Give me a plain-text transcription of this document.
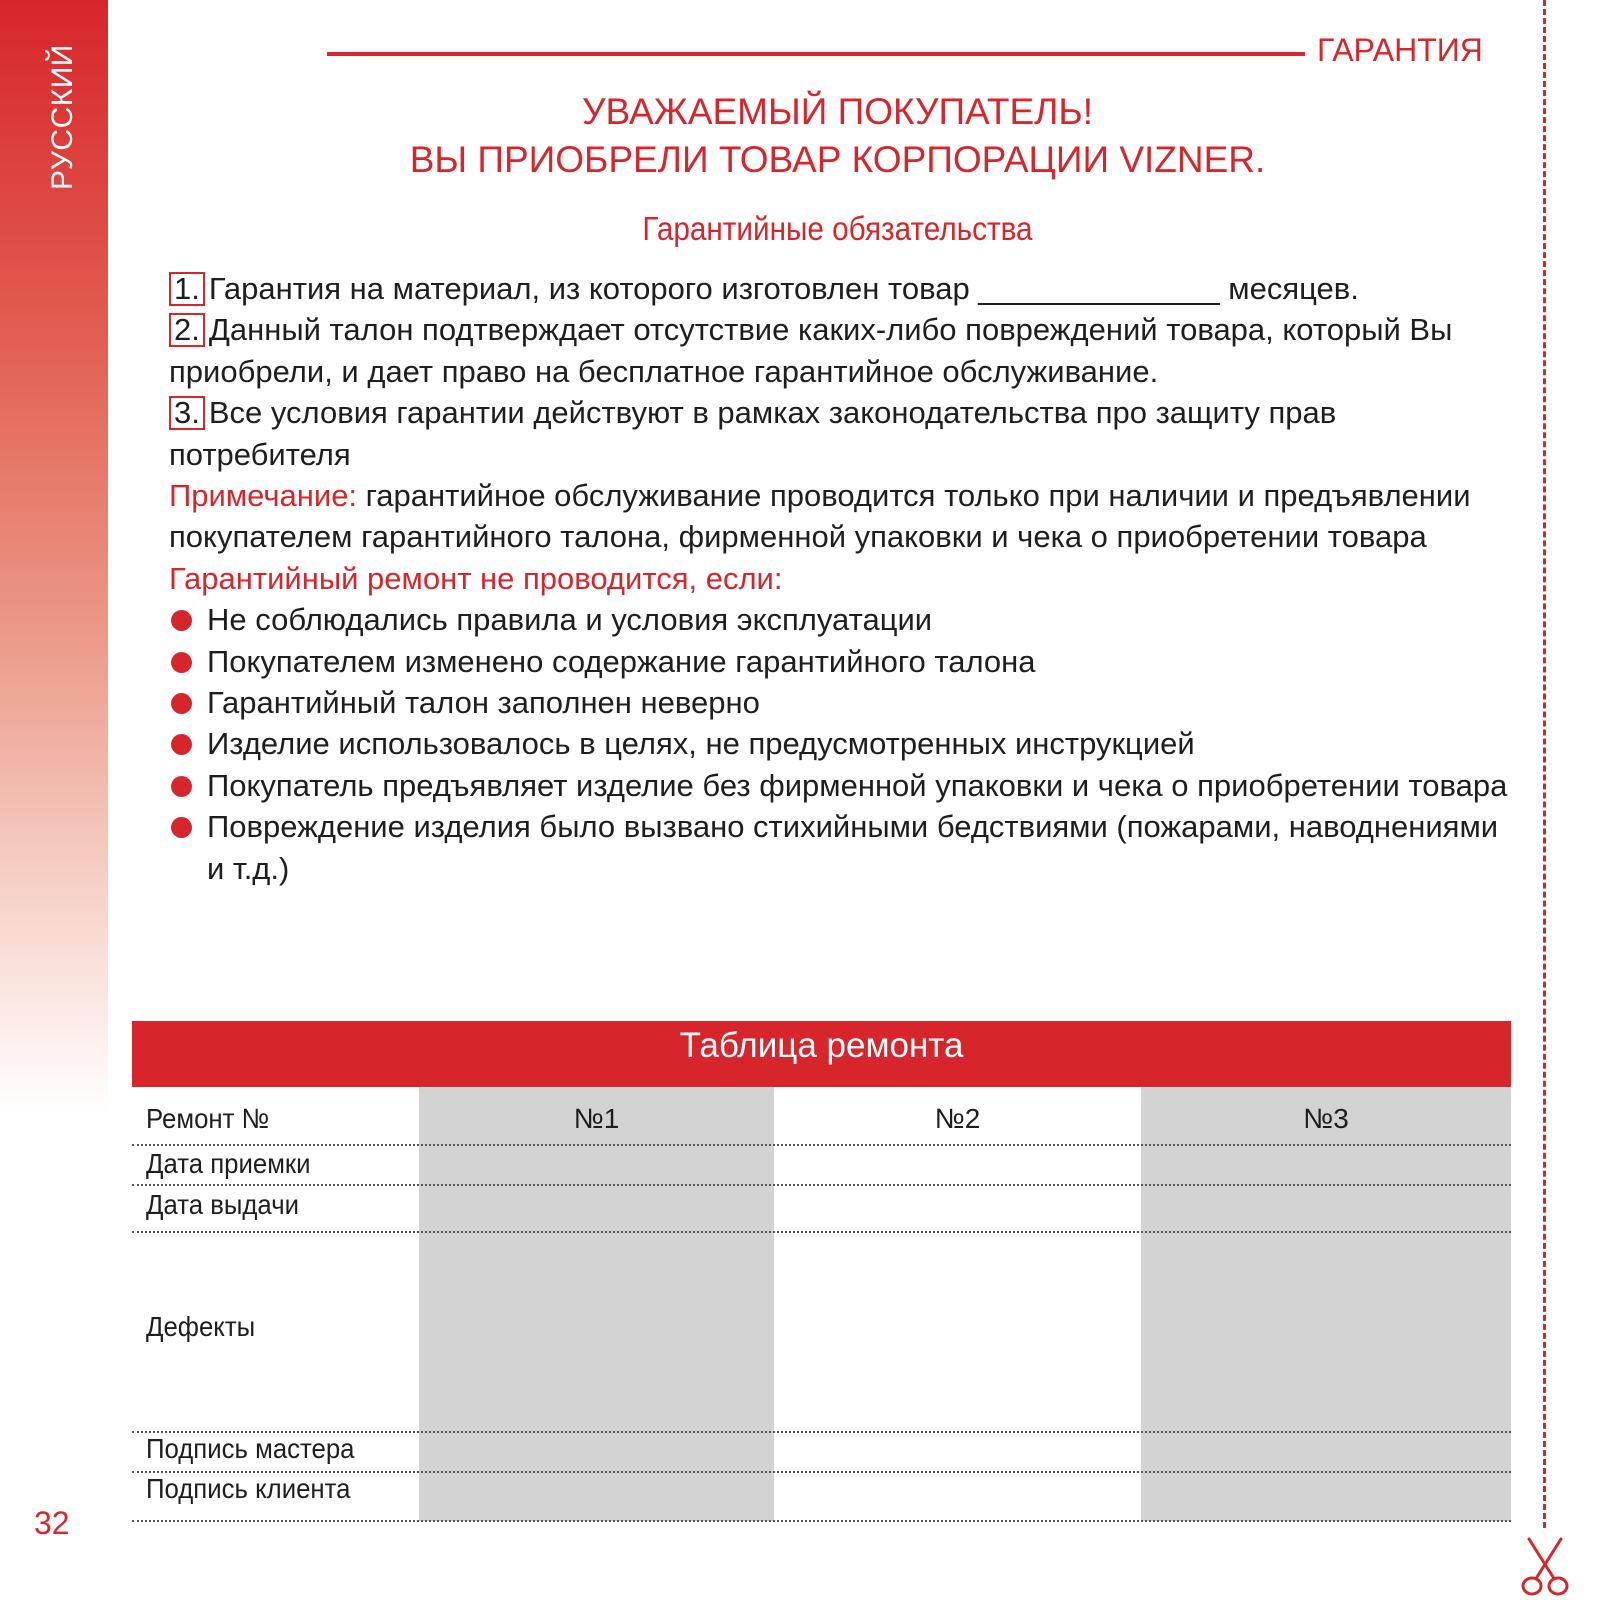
РУССКИЙ
32
ГАРАНТИЯ
УВАЖАЕМЫЙ ПОКУПАТЕЛЬ!
ВЫ ПРИОБРЕЛИ ТОВАР КОРПОРАЦИИ VIZNER.
Гарантийные обязательства

1. Гарантия на материал, из которого изготовлен товар ______________ месяцев.

2. Данный талон подтверждает отсутствие каких-либо повреждений товара, который Вы приобрели, и дает право на бесплатное гарантийное обслуживание.

3. Все условия гарантии действуют в рамках законодательства про защиту прав потребителя

Примечание: гарантийное обслуживание проводится только при наличии и предъявлении покупателем гарантийного талона, фирменной упаковки и чека о приобретении товара

Гарантийный ремонт не проводится, если:

Не соблюдались правила и условия эксплуатации
Покупателем изменено содержание гарантийного талона
Гарантийный талон заполнен неверно
Изделие использовалось в целях, не предусмотренных инструкцией
Покупатель предъявляет изделие без фирменной упаковки и чека о приобретении товара
Повреждение изделия было вызвано стихийными бедствиями (пожарами, наводнениями и т.д.)
Таблица ремонта
Ремонт №	№1	№2	№3
Дата приемки
Дата выдачи
Дефекты
Подпись мастера
Подпись клиента
